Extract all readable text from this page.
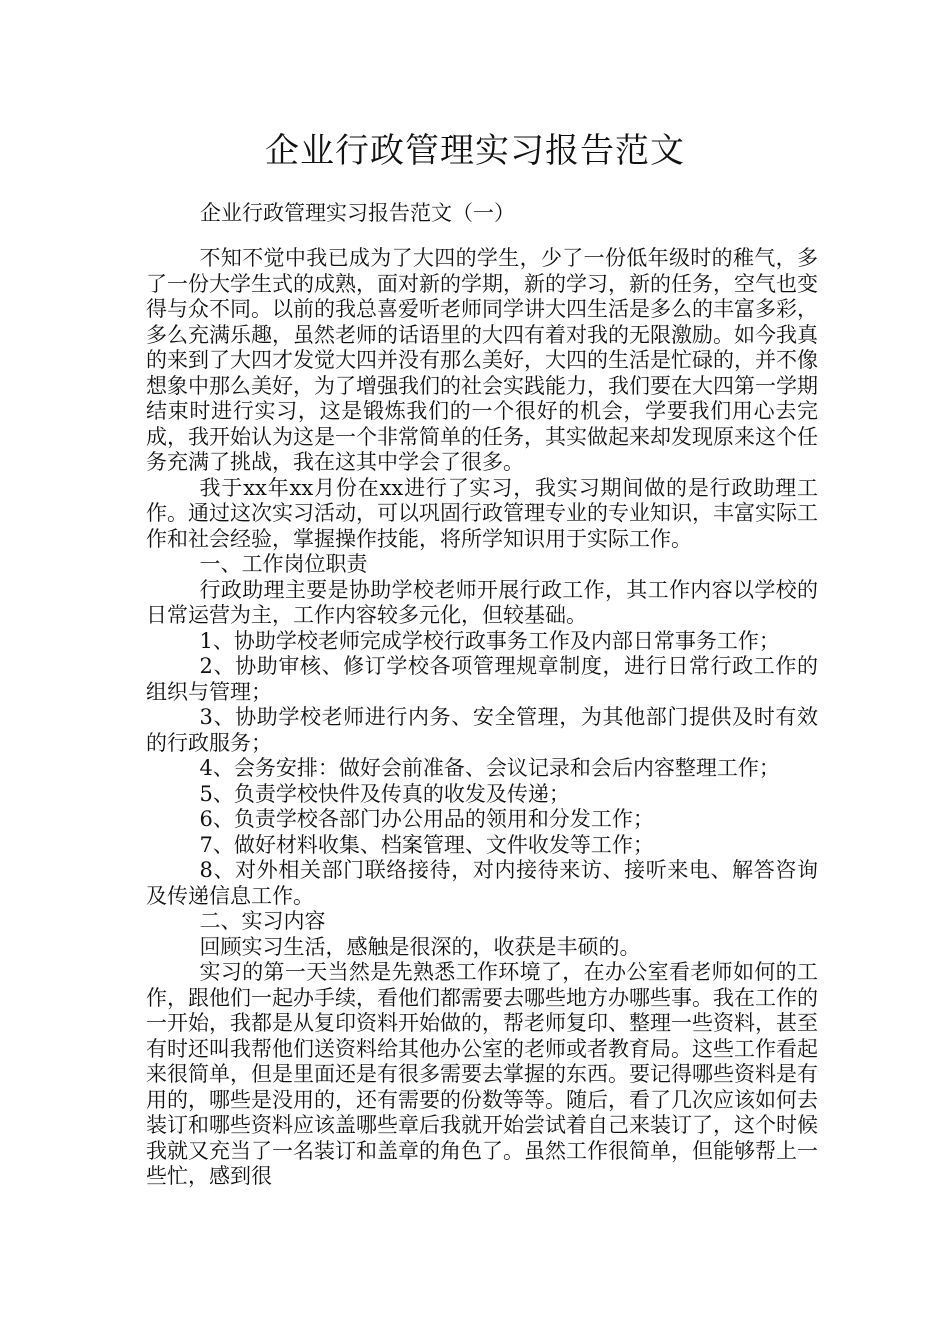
企业行政管理实习报告范文

企业行政管理实习报告范文（一）

不知不觉中我已成为了大四的学生，少了一份低年级时的稚气，多了一份大学生式的成熟，面对新的学期，新的学习，新的任务，空气也变得与众不同。以前的我总喜爱听老师同学讲大四生活是多么的丰富多彩，多么充满乐趣，虽然老师的话语里的大四有着对我的无限激励。如今我真的来到了大四才发觉大四并没有那么美好，大四的生活是忙碌的，并不像想象中那么美好，为了增强我们的社会实践能力，我们要在大四第一学期结束时进行实习，这是锻炼我们的一个很好的机会，学要我们用心去完成，我开始认为这是一个非常简单的任务，其实做起来却发现原来这个任务充满了挑战，我在这其中学会了很多。

我于xx年xx月份在xx进行了实习，我实习期间做的是行政助理工作。通过这次实习活动，可以巩固行政管理专业的专业知识，丰富实际工作和社会经验，掌握操作技能，将所学知识用于实际工作。

一、工作岗位职责

行政助理主要是协助学校老师开展行政工作，其工作内容以学校的日常运营为主，工作内容较多元化，但较基础。

1、协助学校老师完成学校行政事务工作及内部日常事务工作；

2、协助审核、修订学校各项管理规章制度，进行日常行政工作的组织与管理；

3、协助学校老师进行内务、安全管理，为其他部门提供及时有效的行政服务；

4、会务安排：做好会前准备、会议记录和会后内容整理工作；

5、负责学校快件及传真的收发及传递；

6、负责学校各部门办公用品的领用和分发工作；

7、做好材料收集、档案管理、文件收发等工作；

8、对外相关部门联络接待，对内接待来访、接听来电、解答咨询及传递信息工作。

二、实习内容

回顾实习生活，感触是很深的，收获是丰硕的。

实习的第一天当然是先熟悉工作环境了，在办公室看老师如何的工作，跟他们一起办手续，看他们都需要去哪些地方办哪些事。我在工作的一开始，我都是从复印资料开始做的，帮老师复印、整理一些资料，甚至有时还叫我帮他们送资料给其他办公室的老师或者教育局。这些工作看起来很简单，但是里面还是有很多需要去掌握的东西。要记得哪些资料是有用的，哪些是没用的，还有需要的份数等等。随后，看了几次应该如何去装订和哪些资料应该盖哪些章后我就开始尝试着自己来装订了，这个时候我就又充当了一名装订和盖章的角色了。虽然工作很简单，但能够帮上一些忙，感到很
